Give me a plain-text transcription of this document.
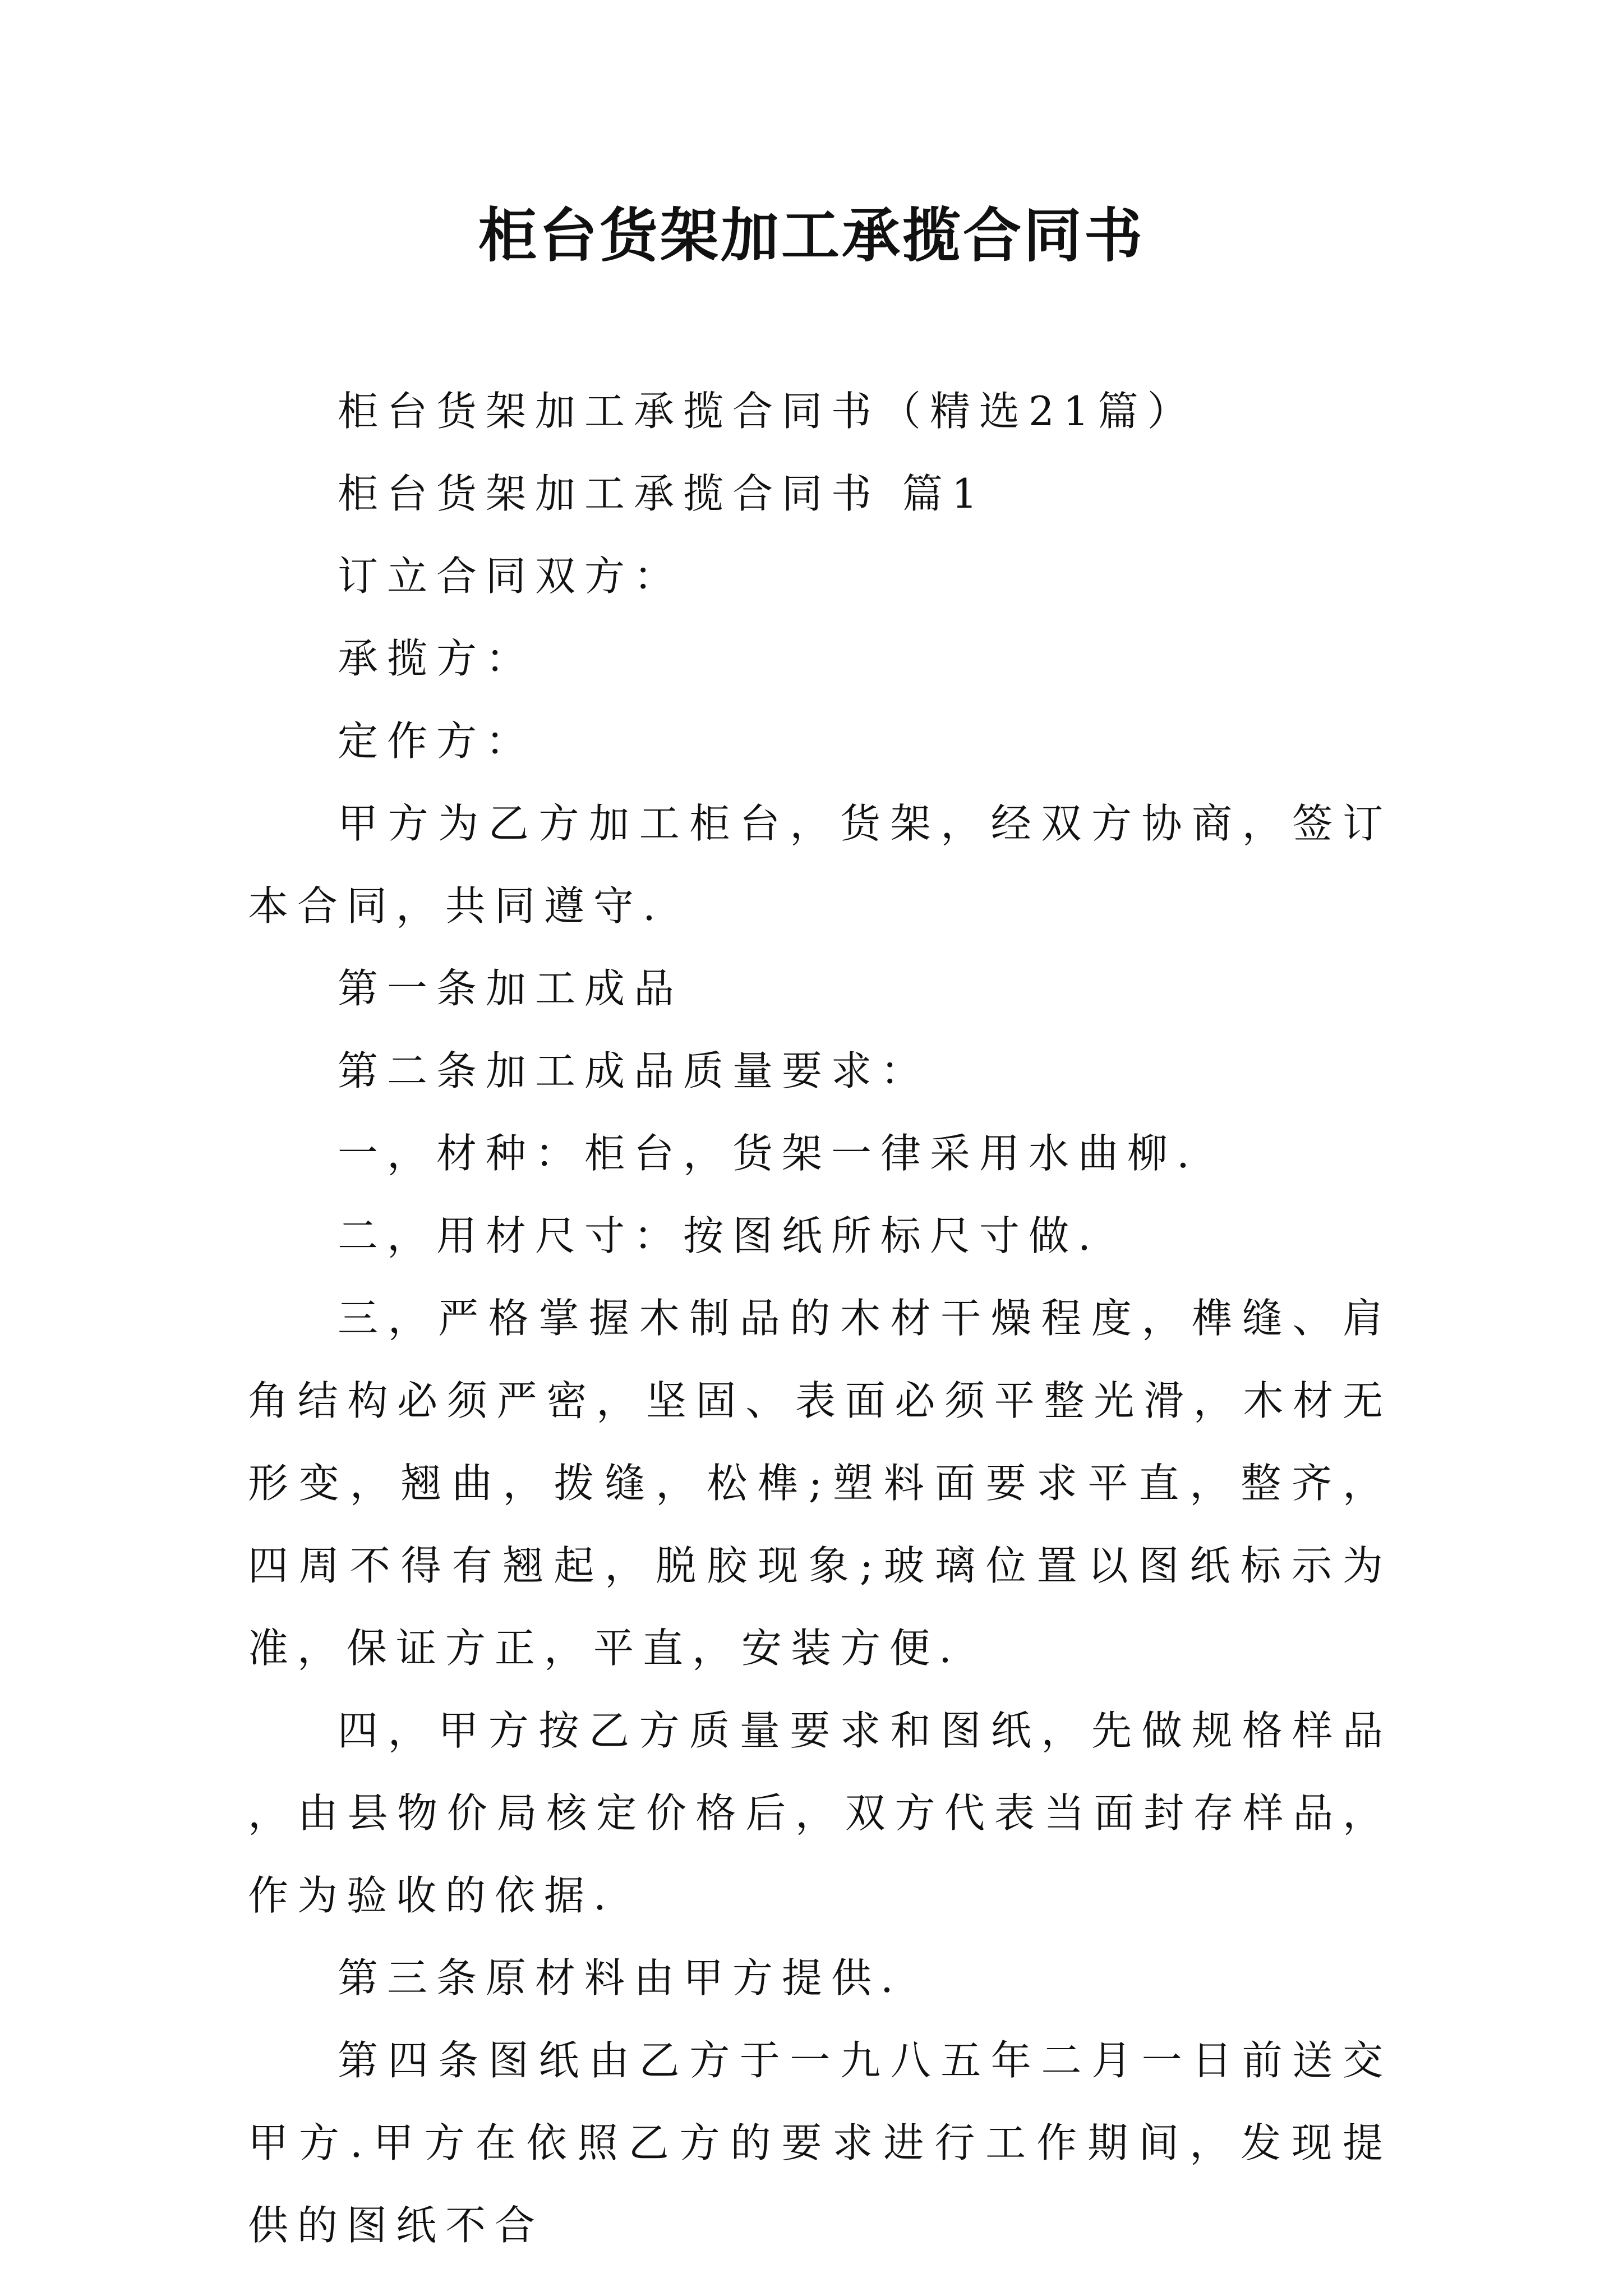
柜台货架加工承揽合同书

柜台货架加工承揽合同书（精选21篇）

柜台货架加工承揽合同书 篇1

订立合同双方：

承揽方：

定作方：

甲方为乙方加工柜台，货架，经双方协商，签订本合同，共同遵守.

第一条加工成品

第二条加工成品质量要求：

一，材种：柜台，货架一律采用水曲柳.

二，用材尺寸：按图纸所标尺寸做.

三，严格掌握木制品的木材干燥程度，榫缝、肩角结构必须严密，坚固、表面必须平整光滑，木材无形变，翘曲，拨缝，松榫;塑料面要求平直，整齐，四周不得有翘起，脱胶现象;玻璃位置以图纸标示为准，保证方正，平直，安装方便.

四，甲方按乙方质量要求和图纸，先做规格样品，由县物价局核定价格后，双方代表当面封存样品，作为验收的依据.

第三条原材料由甲方提供.

第四条图纸由乙方于一九八五年二月一日前送交甲方.甲方在依照乙方的要求进行工作期间，发现提供的图纸不合
